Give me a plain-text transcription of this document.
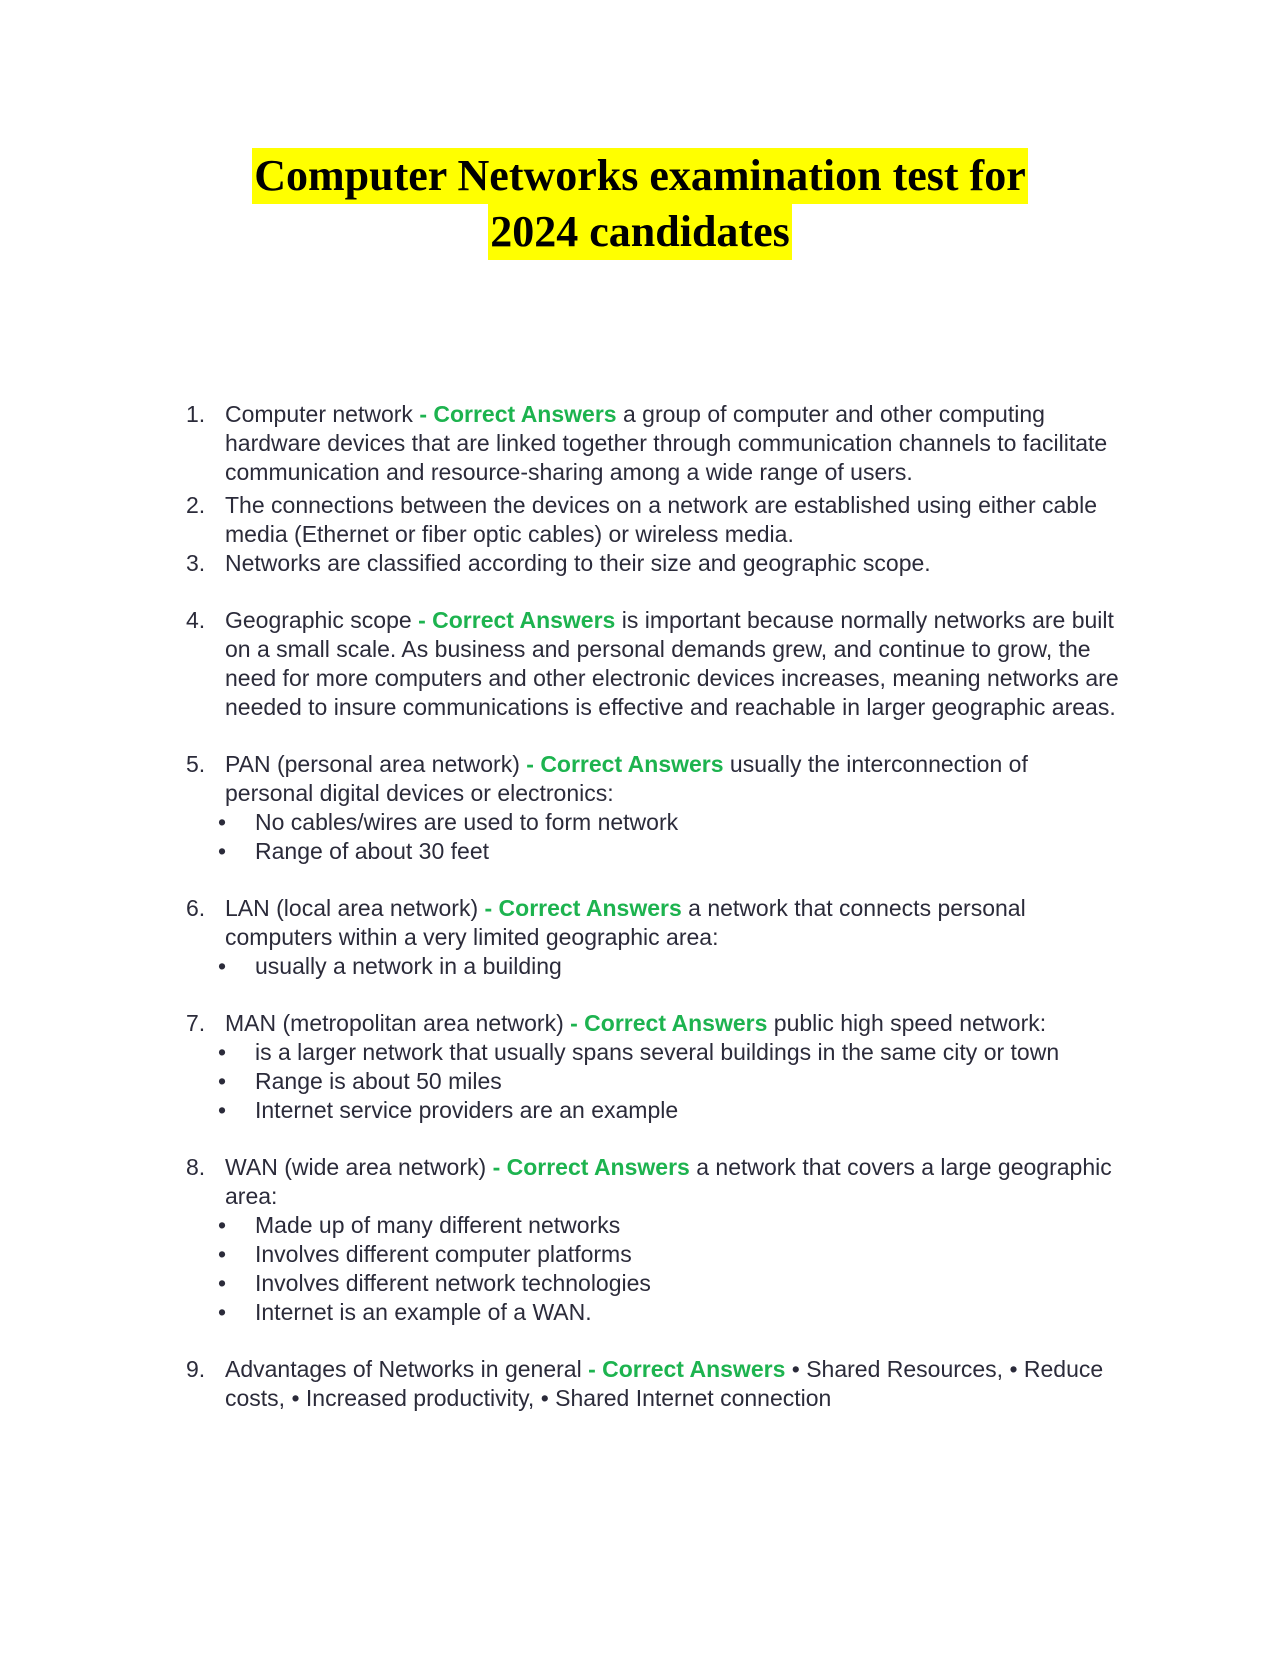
Computer Networks examination test for
2024 candidates
1. Computer network - Correct Answers a group of computer and other computing hardware devices that are linked together through communication channels to facilitate communication and resource-sharing among a wide range of users.
2. The connections between the devices on a network are established using either cable media (Ethernet or fiber optic cables) or wireless media.
3. Networks are classified according to their size and geographic scope.
4. Geographic scope - Correct Answers is important because normally networks are built on a small scale. As business and personal demands grew, and continue to grow, the need for more computers and other electronic devices increases, meaning networks are needed to insure communications is effective and reachable in larger geographic areas.
5. PAN (personal area network) - Correct Answers usually the interconnection of personal digital devices or electronics:
• No cables/wires are used to form network
• Range of about 30 feet
6. LAN (local area network) - Correct Answers a network that connects personal computers within a very limited geographic area:
• usually a network in a building
7. MAN (metropolitan area network) - Correct Answers public high speed network:
• is a larger network that usually spans several buildings in the same city or town
• Range is about 50 miles
• Internet service providers are an example
8. WAN (wide area network) - Correct Answers a network that covers a large geographic area:
• Made up of many different networks
• Involves different computer platforms
• Involves different network technologies
• Internet is an example of a WAN.
9. Advantages of Networks in general - Correct Answers • Shared Resources, • Reduce costs, • Increased productivity, • Shared Internet connection
